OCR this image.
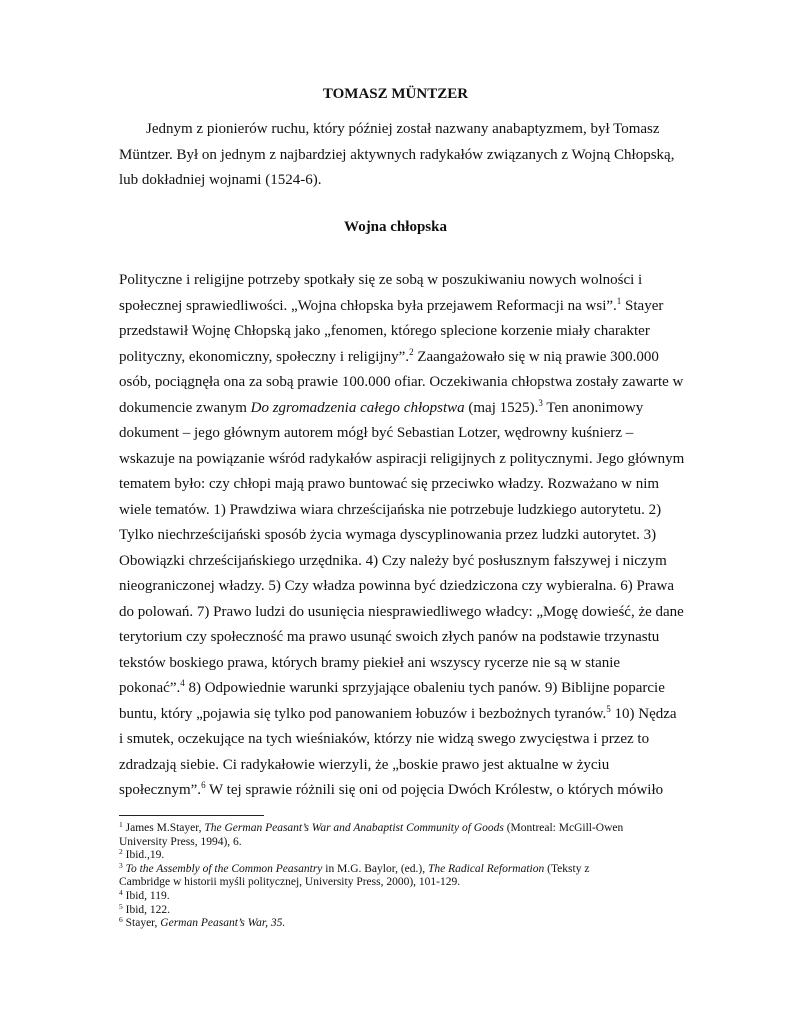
TOMASZ MÜNTZER
Jednym z pionierów ruchu, który później został nazwany anabaptyzmem, był Tomasz
Müntzer. Był on jednym z najbardziej aktywnych radykałów związanych z Wojną Chłopską,
lub dokładniej wojnami (1524-6).
Wojna chłopska
Polityczne i religijne potrzeby spotkały się ze sobą w poszukiwaniu nowych wolności i
społecznej sprawiedliwości. „Wojna chłopska była przejawem Reformacji na wsi”.$^1$ Stayer
przedstawił Wojnę Chłopską jako „fenomen, którego splecione korzenie miały charakter
polityczny, ekonomiczny, społeczny i religijny”.$^2$ Zaangażowało się w nią prawie 300.000
osób, pociągnęła ona za sobą prawie 100.000 ofiar. Oczekiwania chłopstwa zostały zawarte w
dokumencie zwanym Do zgromadzenia całego chłopstwa (maj 1525).$^3$ Ten anonimowy
dokument – jego głównym autorem mógł być Sebastian Lotzer, wędrowny kuśnierz –
wskazuje na powiązanie wśród radykałów aspiracji religijnych z politycznymi. Jego głównym
tematem było: czy chłopi mają prawo buntować się przeciwko władzy. Rozważano w nim
wiele tematów. 1) Prawdziwa wiara chrześcijańska nie potrzebuje ludzkiego autorytetu. 2)
Tylko niechrześcijański sposób życia wymaga dyscyplinowania przez ludzki autorytet. 3)
Obowiązki chrześcijańskiego urzędnika. 4) Czy należy być posłusznym fałszywej i niczym
nieograniczonej władzy. 5) Czy władza powinna być dziedziczona czy wybieralna. 6) Prawa
do polowań. 7) Prawo ludzi do usunięcia niesprawiedliwego władcy: „Mogę dowieść, że dane
terytorium czy społeczność ma prawo usunąć swoich złych panów na podstawie trzynastu
tekstów boskiego prawa, których bramy piekieł ani wszyscy rycerze nie są w stanie
pokonać”.$^4$ 8) Odpowiednie warunki sprzyjające obaleniu tych panów. 9) Biblijne poparcie
buntu, który „pojawia się tylko pod panowaniem łobuzów i bezbożnych tyranów.$^5$ 10) Nędza
i smutek, oczekujące na tych wieśniaków, którzy nie widzą swego zwycięstwa i przez to
zdradzają siebie. Ci radykałowie wierzyli, że „boskie prawo jest aktualne w życiu
społecznym”.$^6$ W tej sprawie różnili się oni od pojęcia Dwóch Królestw, o których mówiło
$^1$ James M.Stayer, The German Peasant’s War and Anabaptist Community of Goods (Montreal: McGill-Owen
University Press, 1994), 6.
$^2$ Ibid.,19.
$^3$ To the Assembly of the Common Peasantry in M.G. Baylor, (ed.), The Radical Reformation (Teksty z
Cambridge w historii myśli politycznej, University Press, 2000), 101-129.
$^4$ Ibid, 119.
$^5$ Ibid, 122.
$^6$ Stayer, German Peasant’s War, 35.
